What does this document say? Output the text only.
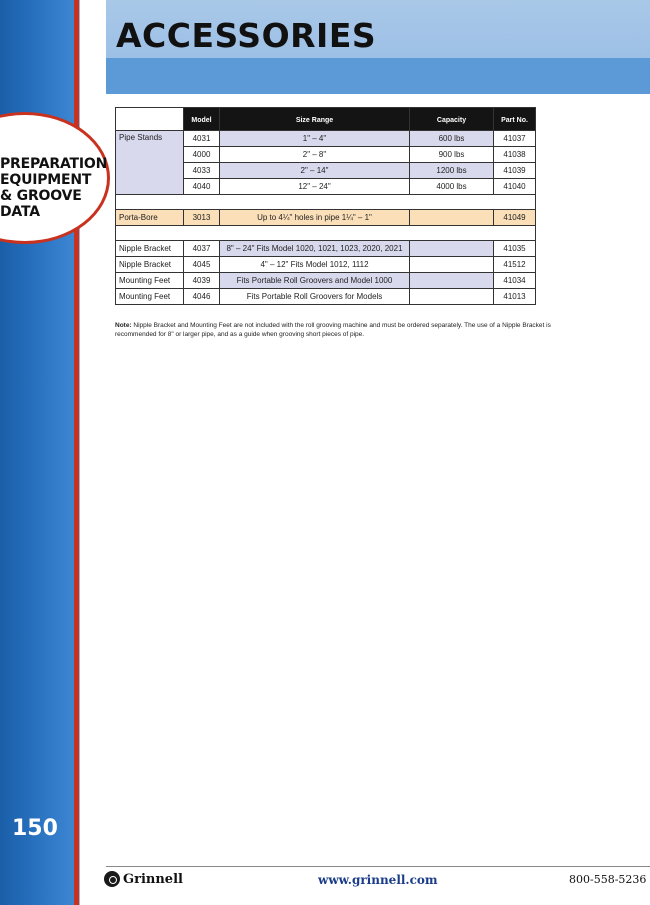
ACCESSORIES
PREPARATION
EQUIPMENT
& GROOVE
DATA
	Model	Size Range	Capacity	Part No.
Pipe Stands	4031	1" – 4"	600 lbs	41037
	4000	2" – 8"	900 lbs	41038
	4033	2" – 14"	1200 lbs	41039
	4040	12" – 24"	4000 lbs	41040

Porta-Bore	3013	Up to 4¼" holes in pipe 1¼" – 1"		41049

Nipple Bracket	4037	8" – 24" Fits Model 1020, 1021, 1023, 2020, 2021		41035
Nipple Bracket	4045	4" – 12" Fits Model 1012, 1112		41512
Mounting Feet	4039	Fits Portable Roll Groovers and Model 1000		41034
Mounting Feet	4046	Fits Portable Roll Groovers for Models		41013
Note: Nipple Bracket and Mounting Feet are not included with the roll grooving machine and must be ordered separately. The use of a Nipple Bracket is recommended for 8" or larger pipe, and as a guide when grooving short pieces of pipe.
150
Grinnell	www.grinnell.com	800-558-5236
